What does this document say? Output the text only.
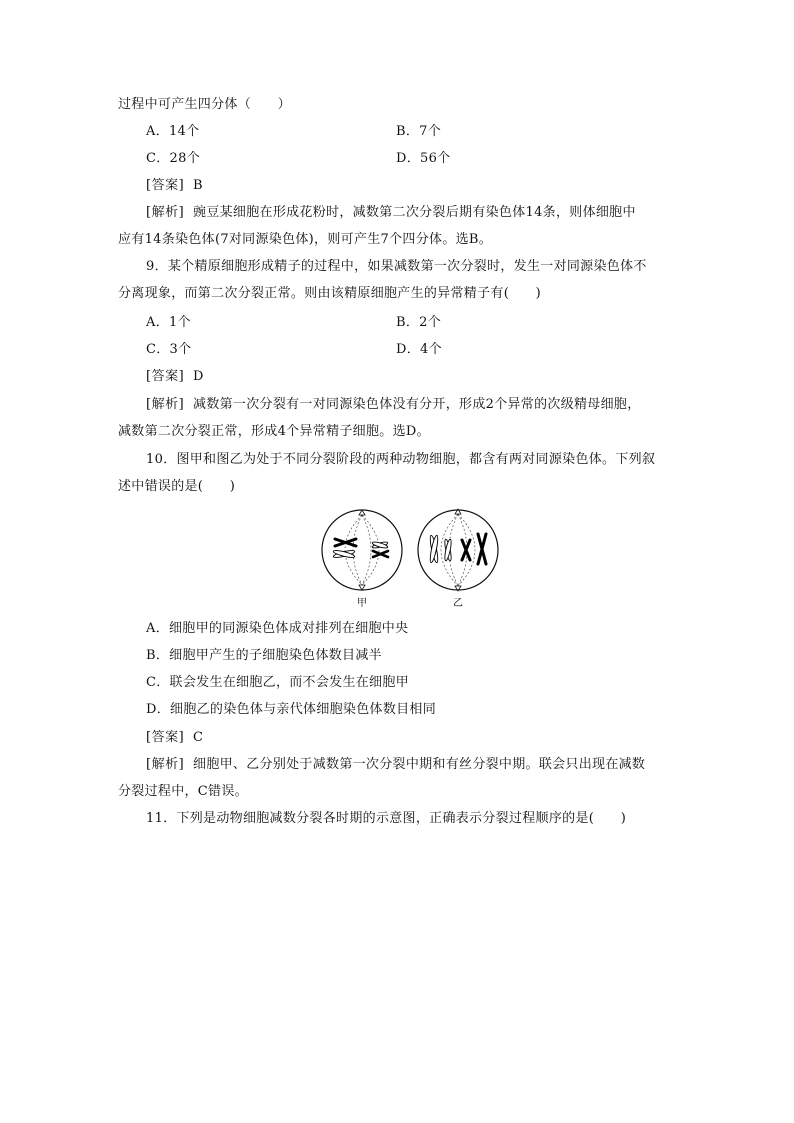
过程中可产生四分体（　　）
A．14个	B．7个
C．28个	D．56个
[答案] B
[解析] 豌豆某细胞在形成花粉时，减数第二次分裂后期有染色体14条，则体细胞中
应有14条染色体(7对同源染色体)，则可产生7个四分体。选B。
9．某个精原细胞形成精子的过程中，如果减数第一次分裂时，发生一对同源染色体不
分离现象，而第二次分裂正常。则由该精原细胞产生的异常精子有(　　)
A．1个	B．2个
C．3个	D．4个
[答案] D
[解析] 减数第一次分裂有一对同源染色体没有分开，形成2个异常的次级精母细胞，
减数第二次分裂正常，形成4个异常精子细胞。选D。
10．图甲和图乙为处于不同分裂阶段的两种动物细胞，都含有两对同源染色体。下列叙
述中错误的是(　　)
甲	乙
A．细胞甲的同源染色体成对排列在细胞中央
B．细胞甲产生的子细胞染色体数目减半
C．联会发生在细胞乙，而不会发生在细胞甲
D．细胞乙的染色体与亲代体细胞染色体数目相同
[答案] C
[解析] 细胞甲、乙分别处于减数第一次分裂中期和有丝分裂中期。联会只出现在减数
分裂过程中，C错误。
11．下列是动物细胞减数分裂各时期的示意图，正确表示分裂过程顺序的是(　　)
